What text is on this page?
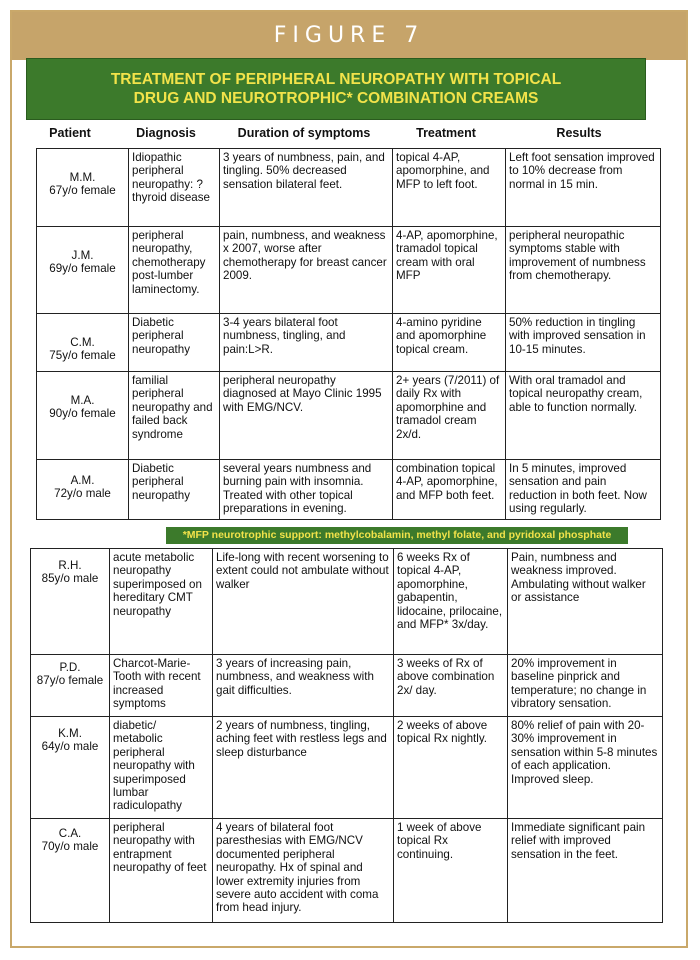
FIGURE 7
TREATMENT OF PERIPHERAL NEUROPATHY WITH TOPICAL
DRUG AND NEUROTROPHIC* COMBINATION CREAMS
Patient	Diagnosis	Duration of symptoms	Treatment	Results
M.M.
67y/o female	Idiopathic peripheral neuropathy: ? thyroid disease	3 years of numbness, pain, and tingling. 50% decreased sensation bilateral feet.	topical 4-AP, apomorphine, and MFP to left foot.	Left foot sensation improved to 10% decrease from normal in 15 min.

J.M.
69y/o female	peripheral neuropathy, chemotherapy post-lumber laminectomy.	pain, numbness, and weakness x 2007, worse after chemotherapy for breast cancer 2009.	4-AP, apomorphine, tramadol topical cream with oral MFP	peripheral neuropathic symptoms stable with improvement of numbness from chemotherapy.

C.M.
75y/o female	Diabetic peripheral neuropathy	3-4 years bilateral foot numbness, tingling, and pain:L>R.	4-amino pyridine and apomorphine topical cream.	50% reduction in tingling with improved sensation in 10-15 minutes.

M.A.
90y/o female	familial peripheral neuropathy and failed back syndrome	peripheral neuropathy diagnosed at Mayo Clinic 1995 with EMG/NCV.	2+ years (7/2011) of daily Rx with apomorphine and tramadol cream 2x/d.	With oral tramadol and topical neuropathy cream, able to function normally.

A.M.
72y/o male	Diabetic peripheral neuropathy	several years numbness and burning pain with insomnia. Treated with other topical preparations in evening.	combination topical 4-AP, apomorphine, and MFP both feet.	In 5 minutes, improved sensation and pain reduction in both feet. Now using regularly.
*MFP neurotrophic support: methylcobalamin, methyl folate, and pyridoxal phosphate
R.H.
85y/o male	acute metabolic neuropathy superimposed on hereditary CMT neuropathy	Life-long with recent worsening to extent could not ambulate without walker	6 weeks Rx of topical 4-AP, apomorphine, gabapentin, lidocaine, prilocaine, and MFP* 3x/day.	Pain, numbness and weakness improved. Ambulating without walker or assistance

P.D.
87y/o female	Charcot-Marie-Tooth with recent increased symptoms	3 years of increasing pain, numbness, and weakness with gait difficulties.	3 weeks of Rx of above combination 2x/ day.	20% improvement in baseline pinprick and temperature; no change in vibratory sensation.

K.M.
64y/o male	diabetic/ metabolic peripheral neuropathy with superimposed lumbar radiculopathy	2 years of numbness, tingling, aching feet with restless legs and sleep disturbance	2 weeks of above topical Rx nightly.	80% relief of pain with 20-30% improvement in sensation within 5-8 minutes of each application. Improved sleep.

C.A.
70y/o male	peripheral neuropathy with entrapment neuropathy of feet	4 years of bilateral foot paresthesias with EMG/NCV documented peripheral neuropathy. Hx of spinal and lower extremity injuries from severe auto accident with coma from head injury.	1 week of above topical Rx continuing.	Immediate significant pain relief with improved sensation in the feet.
